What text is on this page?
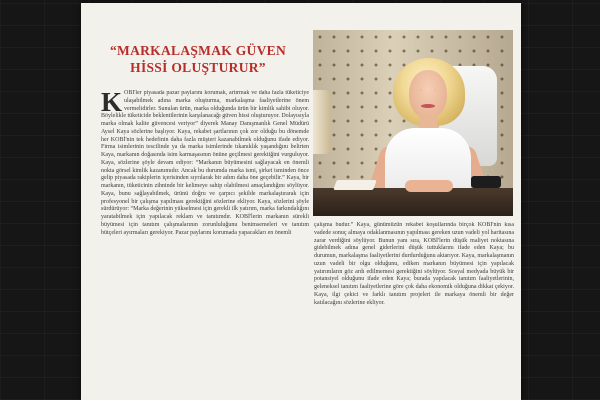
“MARKALAŞMAK GÜVEN
HİSSİ OLUŞTURUR”

KOBİ'ler piyasada pazar paylarını korumak, artırmak ve daha fazla tüketiciye ulaşabilmek adına marka oluşturma, markalaşma faaliyetlerine önem vermelidirler. Sunulan ürün, marka olduğunda ürün bir kimlik sahibi oluyor. Böylelikle tüketicide beklentilerinin karşılanacağı güven hissi oluşturuyor. Dolayısıyla marka olmak kalite güvencesi veriyor” diyerek Manay Danışmanlık Genel Müdürü Aysel Kaya sözlerine başlıyor. Kaya, rekabet şartlarının çok zor olduğu bu dönemde her KOBİ'nin tek hedefinin daha fazla müşteri kazanabilmek olduğunu ifade ediyor. Firma isimlerinin tescilinde ya da marka isimlerinde tıkanıklık yaşandığını belirten Kaya, markanın doğasında isim karmaşasının önüne geçilmesi gerektiğini vurguluyor. Kaya, sözlerine şöyle devam ediyor: “Markanın büyümesini sağlayacak en önemli nokta görsel kimlik kazanımıdır. Ancak bu durumda marka ismi, şirket isminden önce gelip piyasada rakiplerin içerisinden sıyrılarak bir adım daha öne geçebilir.” Kaya, bir markanın, tüketicinin zihninde bir kelimeye sahip olabilmesi amaçlandığını söylüyor. Kaya, bunu sağlayabilmek, ürünü doğru ve çarpıcı şekilde markalaştırarak için profesyonel bir çalışma yapılması gerektiğini sözlerine ekliyor. Kaya, sözlerini şöyle sürdürüyor: “Marka değerinin yükselmesi için gerekli ilk yatırım, marka farkındalığını yaratabilmek için yapılacak reklam ve tanıtımdır. KOBİ'lerin markanın sürekli büyümesi için tanıtım çalışmalarının zorunluluğunu benimsemeleri ve tanıtım bütçeleri ayırmaları gerekiyor. Pazar paylarını korumada yapacakları en önemli

çalışma budur.” Kaya, günümüzün rekabet koşullarında birçok KOBİ'nin kısa vadede sonuç almaya odaklanmasının yapılması gereken uzun vadeli yol haritasına zarar verdiğini söylüyor. Bunun yanı sıra, KOBİ'lerin düşük maliyet noktasına gidebilmek adına genel giderlerini düşük tuttuklarını ifade eden Kaya; bu durumun, markalaşma faaliyetlerini durdurduğunu aktarıyor. Kaya, markalaşmanın uzun vadeli bir olgu olduğunu, ediken markanın büyümesi için yapılacak yatırımların göz ardı edilmemesi gerektiğini söylüyor. Sosyal medyada büyük bir potansiyel olduğunu ifade eden Kaya; burada yapılacak tanıtım faaliyetlerinin, geleneksel tanıtım faaliyetlerine göre çok daha ekonomik olduğuna dikkat çekiyor. Kaya, ilgi çekici ve farklı tanıtım projeleri ile markaya önemli bir değer katılacağını sözlerine ekliyor.
